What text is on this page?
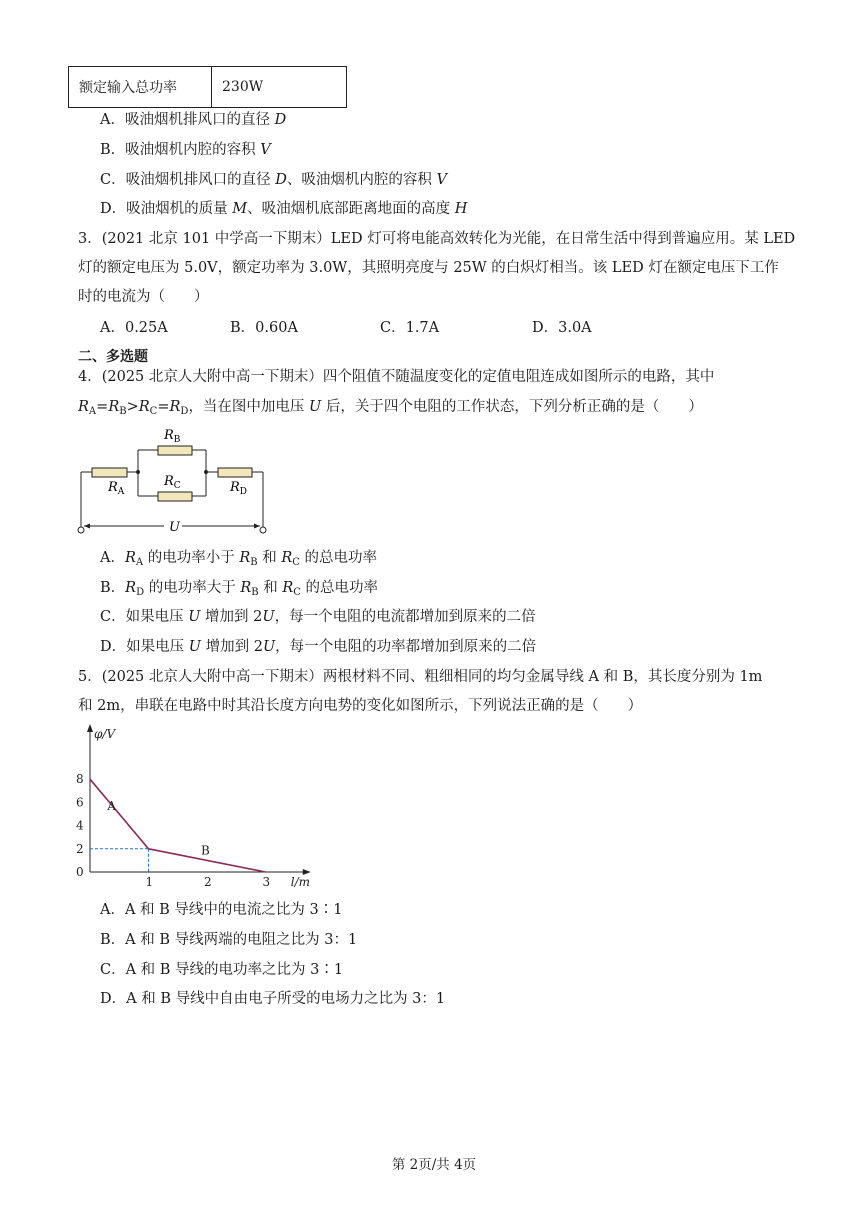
额定输入总功率	230W
A．吸油烟机排风口的直径 D
B．吸油烟机内腔的容积 V
C．吸油烟机排风口的直径 D、吸油烟机内腔的容积 V
D．吸油烟机的质量 M、吸油烟机底部距离地面的高度 H
3．(2021 北京 101 中学高一下期末）LED 灯可将电能高效转化为光能，在日常生活中得到普遍应用。某 LED
灯的额定电压为 5.0V，额定功率为 3.0W，其照明亮度与 25W 的白炽灯相当。该 LED 灯在额定电压下工作
时的电流为（　　）
A．0.25A	B．0.60A	C．1.7A	D．3.0A
二、多选题
4．(2025 北京人大附中高一下期末）四个阻值不随温度变化的定值电阻连成如图所示的电路，其中
$R_A=R_B>R_C=R_D$，当在图中加电压 U 后，关于四个电阻的工作状态，下列分析正确的是（　　）
$R_B$
$R_C$
$R_A$	$R_D$
U
A．$R_A$ 的电功率小于 $R_B$ 和 $R_C$ 的总电功率
B．$R_D$ 的电功率大于 $R_B$ 和 $R_C$ 的总电功率
C．如果电压 U 增加到 2U，每一个电阻的电流都增加到原来的二倍
D．如果电压 U 增加到 2U，每一个电阻的功率都增加到原来的二倍
5．(2025 北京人大附中高一下期末）两根材料不同、粗细相同的均匀金属导线 A 和 B，其长度分别为 1m
和 2m，串联在电路中时其沿长度方向电势的变化如图所示，下列说法正确的是（　　）
A
B
2
4
6
8
0
1	2	3
φ/V
l/m
A．A 和 B 导线中的电流之比为 3∶1
B．A 和 B 导线两端的电阻之比为 3：1
C．A 和 B 导线的电功率之比为 3∶1
D．A 和 B 导线中自由电子所受的电场力之比为 3：1
第 2页/共 4页
